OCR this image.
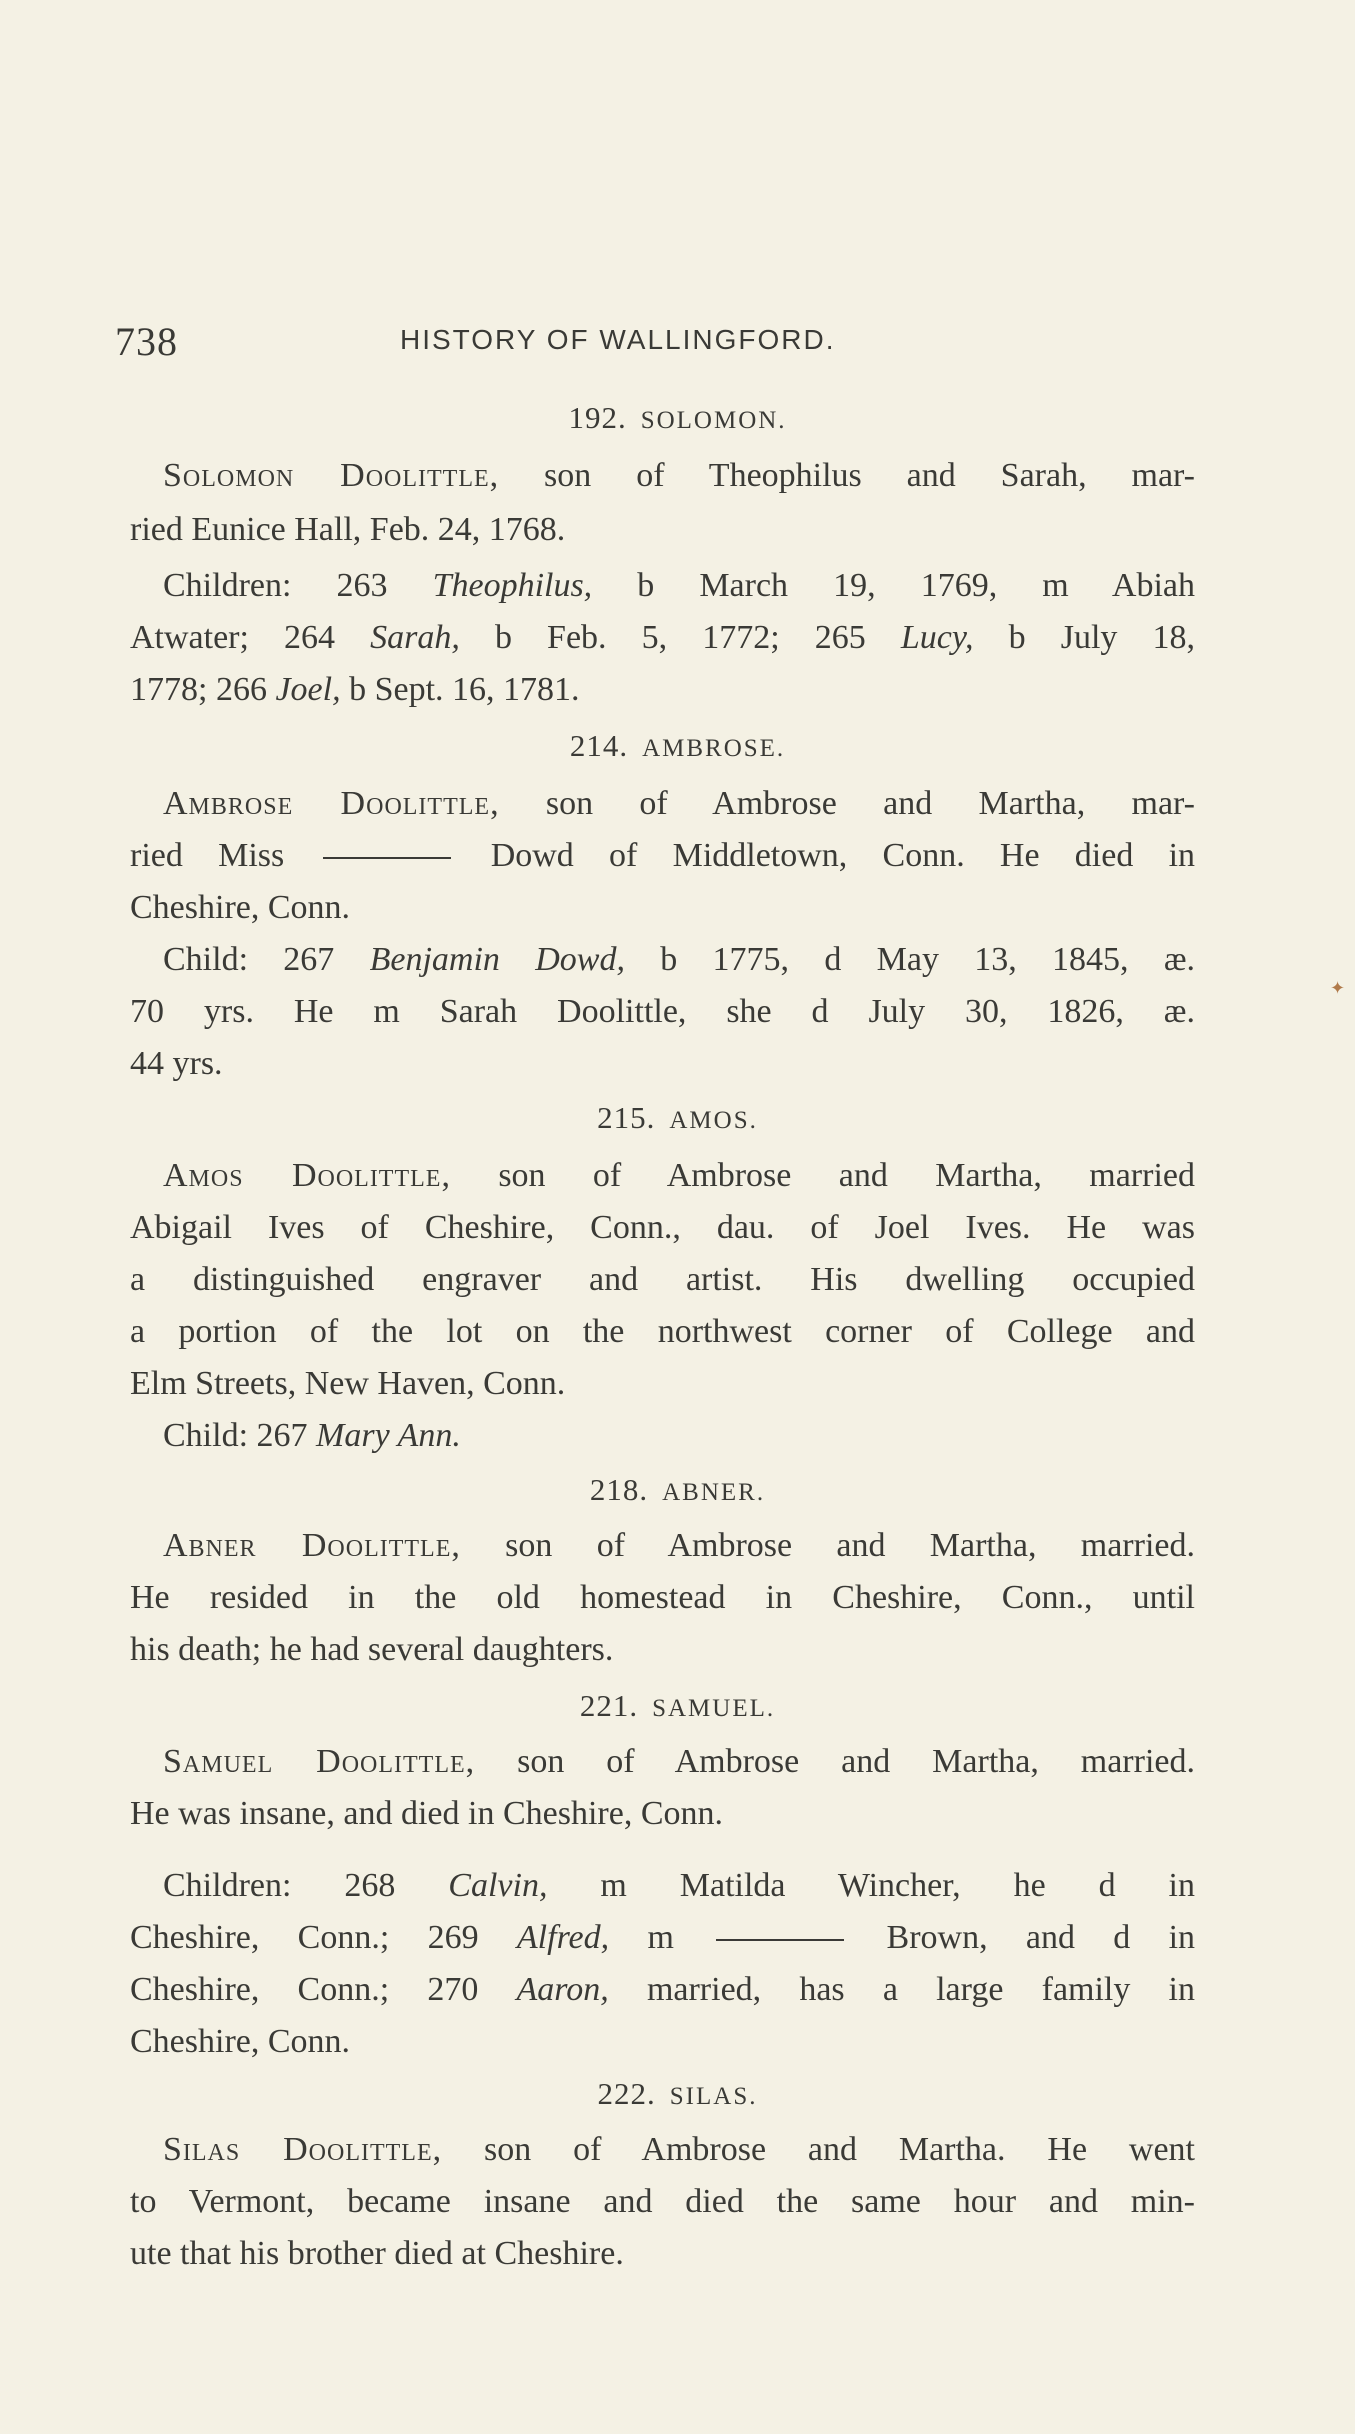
738	HISTORY OF WALLINGFORD.
192. SOLOMON.
Solomon Doolittle, son of Theophilus and Sarah, mar-
ried Eunice Hall, Feb. 24, 1768.
Children: 263 Theophilus, b March 19, 1769, m Abiah
Atwater; 264 Sarah, b Feb. 5, 1772; 265 Lucy, b July 18,
1778; 266 Joel, b Sept. 16, 1781.
214. AMBROSE.
Ambrose Doolittle, son of Ambrose and Martha, mar-
ried Miss	Dowd of Middletown, Conn. He died in
Cheshire, Conn.
Child: 267 Benjamin Dowd, b 1775, d May 13, 1845, æ.
70 yrs. He m Sarah Doolittle, she d July 30, 1826, æ.
44 yrs.
215. AMOS.
Amos Doolittle, son of Ambrose and Martha, married
Abigail Ives of Cheshire, Conn., dau. of Joel Ives. He was
a distinguished engraver and artist. His dwelling occupied
a portion of the lot on the northwest corner of College and
Elm Streets, New Haven, Conn.
Child: 267 Mary Ann.
218. ABNER.
Abner Doolittle, son of Ambrose and Martha, married.
He resided in the old homestead in Cheshire, Conn., until
his death; he had several daughters.
221. SAMUEL.
Samuel Doolittle, son of Ambrose and Martha, married.
He was insane, and died in Cheshire, Conn.
Children: 268 Calvin, m Matilda Wincher, he d in
Cheshire, Conn.; 269 Alfred, m	Brown, and d in
Cheshire, Conn.; 270 Aaron, married, has a large family in
Cheshire, Conn.
222. SILAS.
Silas Doolittle, son of Ambrose and Martha. He went
to Vermont, became insane and died the same hour and min-
ute that his brother died at Cheshire.
✦
